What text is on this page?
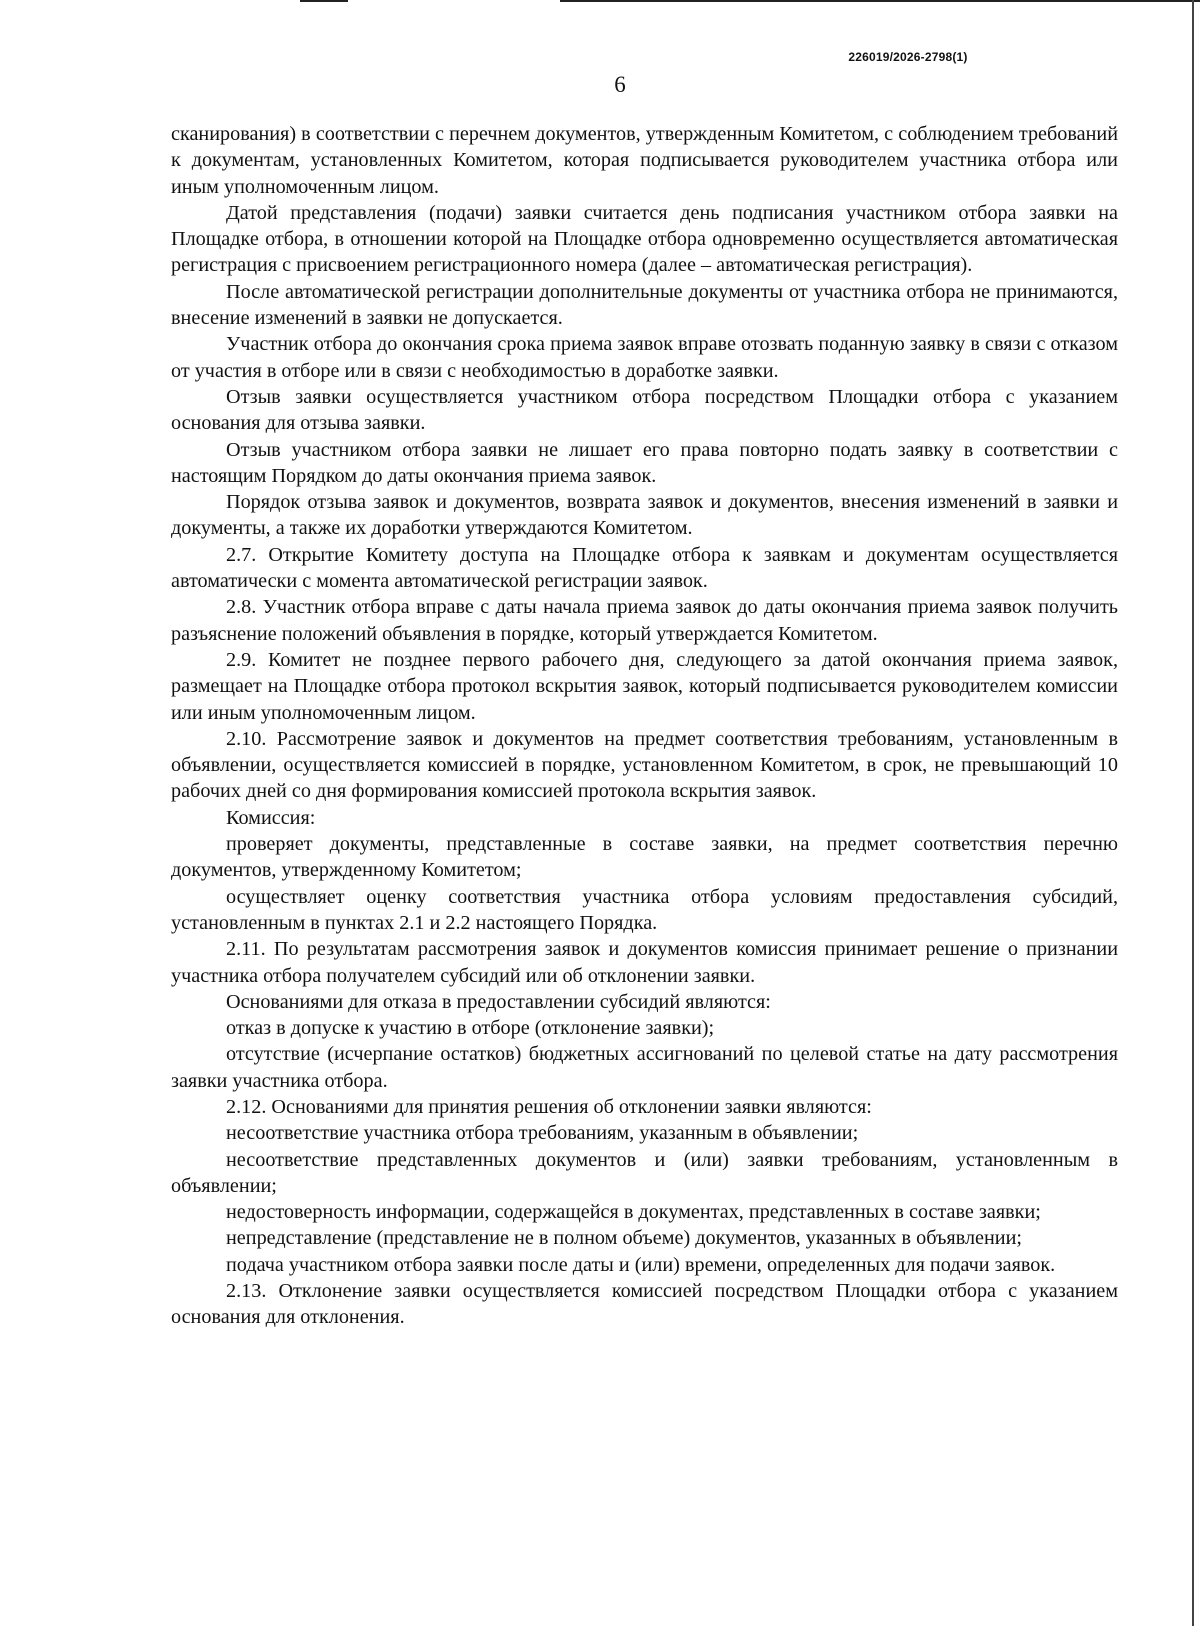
226019/2026-2798(1)
6

сканирования) в соответствии с перечнем документов, утвержденным Комитетом, с соблюдением требований к документам, установленных Комитетом, которая подписывается руководителем участника отбора или иным уполномоченным лицом.

Датой представления (подачи) заявки считается день подписания участником отбора заявки на Площадке отбора, в отношении которой на Площадке отбора одновременно осуществляется автоматическая регистрация с присвоением регистрационного номера (далее – автоматическая регистрация).

После автоматической регистрации дополнительные документы от участника отбора не принимаются, внесение изменений в заявки не допускается.

Участник отбора до окончания срока приема заявок вправе отозвать поданную заявку в связи с отказом от участия в отборе или в связи с необходимостью в доработке заявки.

Отзыв заявки осуществляется участником отбора посредством Площадки отбора с указанием основания для отзыва заявки.

Отзыв участником отбора заявки не лишает его права повторно подать заявку в соответствии с настоящим Порядком до даты окончания приема заявок.

Порядок отзыва заявок и документов, возврата заявок и документов, внесения изменений в заявки и документы, а также их доработки утверждаются Комитетом.

2.7. Открытие Комитету доступа на Площадке отбора к заявкам и документам осуществляется автоматически с момента автоматической регистрации заявок.

2.8. Участник отбора вправе с даты начала приема заявок до даты окончания приема заявок получить разъяснение положений объявления в порядке, который утверждается Комитетом.

2.9. Комитет не позднее первого рабочего дня, следующего за датой окончания приема заявок, размещает на Площадке отбора протокол вскрытия заявок, который подписывается руководителем комиссии или иным уполномоченным лицом.

2.10. Рассмотрение заявок и документов на предмет соответствия требованиям, установленным в объявлении, осуществляется комиссией в порядке, установленном Комитетом, в срок, не превышающий 10 рабочих дней со дня формирования комиссией протокола вскрытия заявок.

Комиссия:

проверяет документы, представленные в составе заявки, на предмет соответствия перечню документов, утвержденному Комитетом;

осуществляет оценку соответствия участника отбора условиям предоставления субсидий, установленным в пунктах 2.1 и 2.2 настоящего Порядка.

2.11. По результатам рассмотрения заявок и документов комиссия принимает решение о признании участника отбора получателем субсидий или об отклонении заявки.

Основаниями для отказа в предоставлении субсидий являются:

отказ в допуске к участию в отборе (отклонение заявки);

отсутствие (исчерпание остатков) бюджетных ассигнований по целевой статье на дату рассмотрения заявки участника отбора.

2.12. Основаниями для принятия решения об отклонении заявки являются:

несоответствие участника отбора требованиям, указанным в объявлении;

несоответствие представленных документов и (или) заявки требованиям, установленным в объявлении;

недостоверность информации, содержащейся в документах, представленных в составе заявки;

непредставление (представление не в полном объеме) документов, указанных в объявлении;

подача участником отбора заявки после даты и (или) времени, определенных для подачи заявок.

2.13. Отклонение заявки осуществляется комиссией посредством Площадки отбора с указанием основания для отклонения.
